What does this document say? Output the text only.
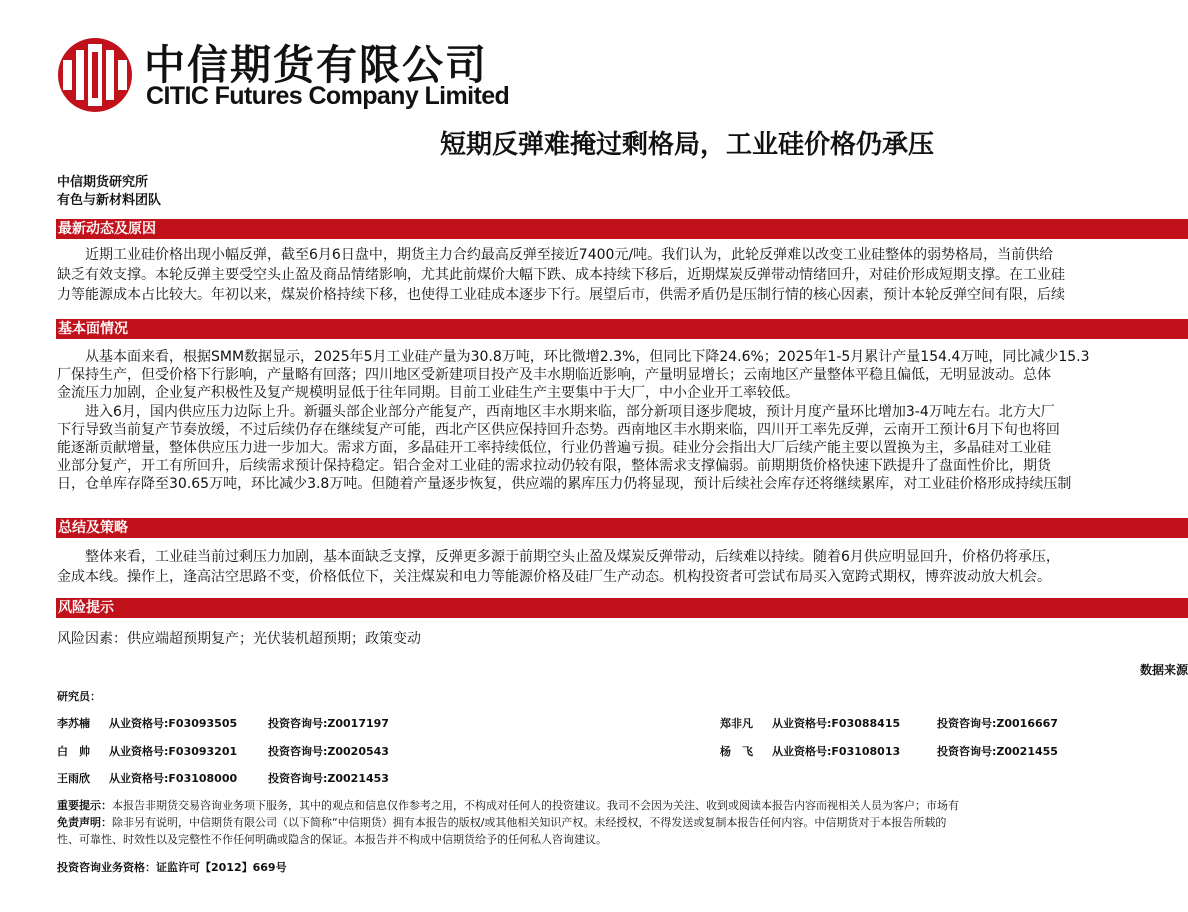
中信期货有限公司
CITIC Futures Company Limited
短期反弹难掩过剩格局，工业硅价格仍承压
中信期货研究所
有色与新材料团队
最新动态及原因
　　近期工业硅价格出现小幅反弹，截至6月6日盘中，期货主力合约最高反弹至接近7400元/吨。我们认为，此轮反弹难以改变工业硅整体的弱势格局，当前供给
缺乏有效支撑。本轮反弹主要受空头止盈及商品情绪影响，尤其此前煤价大幅下跌、成本持续下移后，近期煤炭反弹带动情绪回升，对硅价形成短期支撑。在工业硅
力等能源成本占比较大。年初以来，煤炭价格持续下移，也使得工业硅成本逐步下行。展望后市，供需矛盾仍是压制行情的核心因素，预计本轮反弹空间有限，后续
基本面情况
　　从基本面来看，根据SMM数据显示，2025年5月工业硅产量为30.8万吨，环比微增2.3%，但同比下降24.6%；2025年1-5月累计产量154.4万吨，同比减少15.3
厂保持生产，但受价格下行影响，产量略有回落；四川地区受新建项目投产及丰水期临近影响，产量明显增长；云南地区产量整体平稳且偏低，无明显波动。总体
金流压力加剧，企业复产积极性及复产规模明显低于往年同期。目前工业硅生产主要集中于大厂，中小企业开工率较低。
　　进入6月，国内供应压力边际上升。新疆头部企业部分产能复产，西南地区丰水期来临，部分新项目逐步爬坡，预计月度产量环比增加3-4万吨左右。北方大厂
下行导致当前复产节奏放缓，不过后续仍存在继续复产可能，西北产区供应保持回升态势。西南地区丰水期来临，四川开工率先反弹，云南开工预计6月下旬也将回
能逐渐贡献增量，整体供应压力进一步加大。需求方面，多晶硅开工率持续低位，行业仍普遍亏损。硅业分会指出大厂后续产能主要以置换为主，多晶硅对工业硅
业部分复产，开工有所回升，后续需求预计保持稳定。铝合金对工业硅的需求拉动仍较有限，整体需求支撑偏弱。前期期货价格快速下跌提升了盘面性价比，期货
日，仓单库存降至30.65万吨，环比减少3.8万吨。但随着产量逐步恢复，供应端的累库压力仍将显现，预计后续社会库存还将继续累库，对工业硅价格形成持续压制
总结及策略
　　整体来看，工业硅当前过剩压力加剧，基本面缺乏支撑，反弹更多源于前期空头止盈及煤炭反弹带动，后续难以持续。随着6月供应明显回升，价格仍将承压，
金成本线。操作上，逢高沽空思路不变，价格低位下，关注煤炭和电力等能源价格及硅厂生产动态。机构投资者可尝试布局买入宽跨式期权，博弈波动放大机会。
风险提示
风险因素：供应端超预期复产；光伏装机超预期；政策变动
数据来源
研究员：
李苏楠 从业资格号:F03093505	投资咨询号:Z0017197	郑非凡 从业资格号:F03088415	投资咨询号:Z0016667
白　帅 从业资格号:F03093201	投资咨询号:Z0020543	杨　飞 从业资格号:F03108013	投资咨询号:Z0021455
王雨欣 从业资格号:F03108000	投资咨询号:Z0021453
重要提示：本报告非期货交易咨询业务项下服务，其中的观点和信息仅作参考之用，不构成对任何人的投资建议。我司不会因为关注、收到或阅读本报告内容而视相关人员为客户；市场有
免责声明：除非另有说明，中信期货有限公司（以下简称“中信期货）拥有本报告的版权/或其他相关知识产权。未经授权，不得发送或复制本报告任何内容。中信期货对于本报告所载的
性、可靠性、时效性以及完整性不作任何明确或隐含的保证。本报告并不构成中信期货给予的任何私人咨询建议。
投资咨询业务资格：证监许可【2012】669号
